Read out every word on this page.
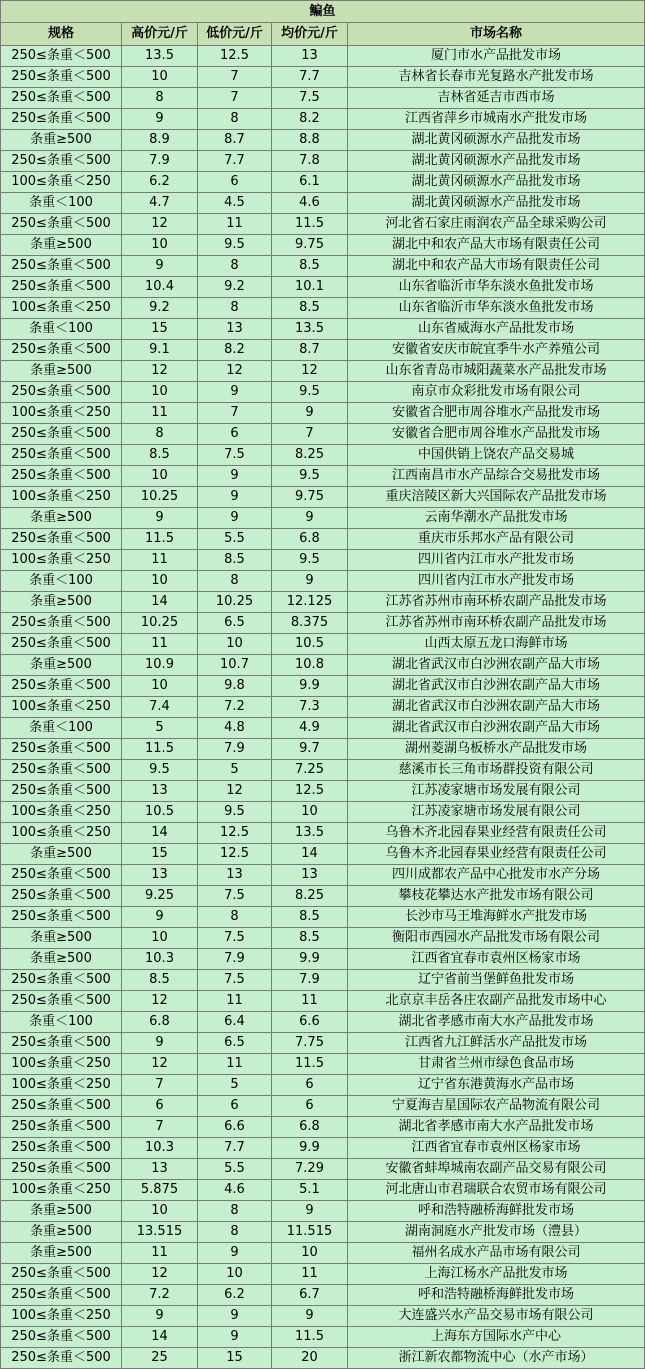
鳊鱼				
规格	高价元/斤	低价元/斤	均价元/斤	市场名称
250≤条重＜500	13.5	12.5	13	厦门市水产品批发市场
250≤条重＜500	10	7	7.7	吉林省长春市光复路水产批发市场
250≤条重＜500	8	7	7.5	吉林省延吉市西市场
250≤条重＜500	9	8	8.2	江西省萍乡市城南水产批发市场
条重≥500	8.9	8.7	8.8	湖北黄冈硕源水产品批发市场
250≤条重＜500	7.9	7.7	7.8	湖北黄冈硕源水产品批发市场
100≤条重＜250	6.2	6	6.1	湖北黄冈硕源水产品批发市场
条重＜100	4.7	4.5	4.6	湖北黄冈硕源水产品批发市场
250≤条重＜500	12	11	11.5	河北省石家庄雨润农产品全球采购公司
条重≥500	10	9.5	9.75	湖北中和农产品大市场有限责任公司
250≤条重＜500	9	8	8.5	湖北中和农产品大市场有限责任公司
250≤条重＜500	10.4	9.2	10.1	山东省临沂市华东淡水鱼批发市场
100≤条重＜250	9.2	8	8.5	山东省临沂市华东淡水鱼批发市场
条重＜100	15	13	13.5	山东省威海水产品批发市场
250≤条重＜500	9.1	8.2	8.7	安徽省安庆市皖宜季牛水产养殖公司
条重≥500	12	12	12	山东省青岛市城阳蔬菜水产品批发市场
250≤条重＜500	10	9	9.5	南京市众彩批发市场有限公司
100≤条重＜250	11	7	9	安徽省合肥市周谷堆水产品批发市场
250≤条重＜500	8	6	7	安徽省合肥市周谷堆水产品批发市场
250≤条重＜500	8.5	7.5	8.25	中国供销上饶农产品交易城
250≤条重＜500	10	9	9.5	江西南昌市水产品综合交易批发市场
100≤条重＜250	10.25	9	9.75	重庆涪陵区新大兴国际农产品批发市场
条重≥500	9	9	9	云南华潮水产品批发市场
250≤条重＜500	11.5	5.5	6.8	重庆市乐邦水产品有限公司
100≤条重＜250	11	8.5	9.5	四川省内江市水产批发市场
条重＜100	10	8	9	四川省内江市水产批发市场
条重≥500	14	10.25	12.125	江苏省苏州市南环桥农副产品批发市场
250≤条重＜500	10.25	6.5	8.375	江苏省苏州市南环桥农副产品批发市场
250≤条重＜500	11	10	10.5	山西太原五龙口海鲜市场
条重≥500	10.9	10.7	10.8	湖北省武汉市白沙洲农副产品大市场
250≤条重＜500	10	9.8	9.9	湖北省武汉市白沙洲农副产品大市场
100≤条重＜250	7.4	7.2	7.3	湖北省武汉市白沙洲农副产品大市场
条重＜100	5	4.8	4.9	湖北省武汉市白沙洲农副产品大市场
250≤条重＜500	11.5	7.9	9.7	湖州菱湖乌板桥水产品批发市场
250≤条重＜500	9.5	5	7.25	慈溪市长三角市场群投资有限公司
250≤条重＜500	13	12	12.5	江苏凌家塘市场发展有限公司
100≤条重＜250	10.5	9.5	10	江苏凌家塘市场发展有限公司
100≤条重＜250	14	12.5	13.5	乌鲁木齐北园春果业经营有限责任公司
条重≥500	15	12.5	14	乌鲁木齐北园春果业经营有限责任公司
250≤条重＜500	13	13	13	四川成都农产品中心批发市水产分场
250≤条重＜500	9.25	7.5	8.25	攀枝花攀达水产批发市场有限公司
250≤条重＜500	9	8	8.5	长沙市马王堆海鲜水产批发市场
条重≥500	10	7.5	8.5	衡阳市西园水产品批发市场有限公司
条重≥500	10.3	7.9	9.9	江西省宜春市袁州区杨家市场
250≤条重＜500	8.5	7.5	7.9	辽宁省前当堡鲜鱼批发市场
250≤条重＜500	12	11	11	北京京丰岳各庄农副产品批发市场中心
条重＜100	6.8	6.4	6.6	湖北省孝感市南大水产品批发市场
250≤条重＜500	9	6.5	7.75	江西省九江鲜活水产品批发市场
100≤条重＜250	12	11	11.5	甘肃省兰州市绿色食品市场
100≤条重＜250	7	5	6	辽宁省东港黄海水产品市场
250≤条重＜500	6	6	6	宁夏海吉星国际农产品物流有限公司
250≤条重＜500	7	6.6	6.8	湖北省孝感市南大水产品批发市场
250≤条重＜500	10.3	7.7	9.9	江西省宜春市袁州区杨家市场
250≤条重＜500	13	5.5	7.29	安徽省蚌埠城南农副产品交易有限公司
100≤条重＜250	5.875	4.6	5.1	河北唐山市君瑞联合农贸市场有限公司
条重≥500	10	8	9	呼和浩特融桥海鲜批发市场
条重≥500	13.515	8	11.515	湖南洞庭水产批发市场（澧县）
条重≥500	11	9	10	福州名成水产品市场有限公司
250≤条重＜500	12	10	11	上海江杨水产品批发市场
250≤条重＜500	7.2	6.2	6.7	呼和浩特融桥海鲜批发市场
100≤条重＜250	9	9	9	大连盛兴水产品交易市场有限公司
250≤条重＜500	14	9	11.5	上海东方国际水产中心
250≤条重＜500	25	15	20	浙江新农都物流中心（水产市场）
